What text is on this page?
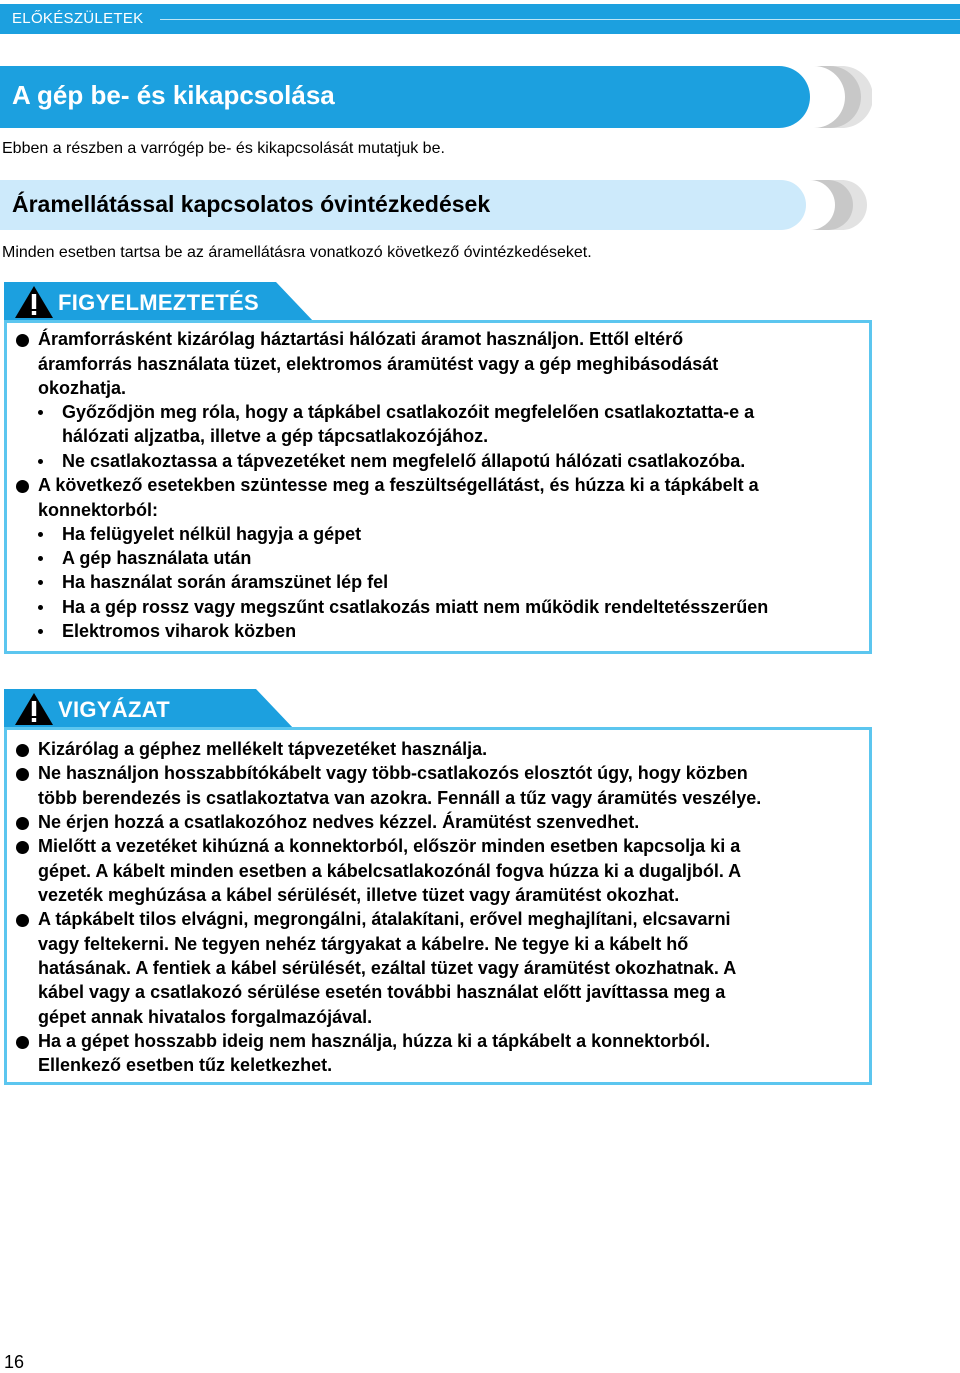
ELŐKÉSZÜLETEK
A gép be- és kikapcsolása
Ebben a részben a varrógép be- és kikapcsolását mutatjuk be.
Áramellátással kapcsolatos óvintézkedések
Minden esetben tartsa be az áramellátásra vonatkozó következő óvintézkedéseket.
FIGYELMEZTETÉS
Áramforrásként kizárólag háztartási hálózati áramot használjon. Ettől eltérő
áramforrás használata tüzet, elektromos áramütést vagy a gép meghibásodását
okozhatja.
Győződjön meg róla, hogy a tápkábel csatlakozóit megfelelően csatlakoztatta-e a
hálózati aljzatba, illetve a gép tápcsatlakozójához.
Ne csatlakoztassa a tápvezetéket nem megfelelő állapotú hálózati csatlakozóba.
A következő esetekben szüntesse meg a feszültségellátást, és húzza ki a tápkábelt a
konnektorból:
Ha felügyelet nélkül hagyja a gépet
A gép használata után
Ha használat során áramszünet lép fel
Ha a gép rossz vagy megszűnt csatlakozás miatt nem működik rendeltetésszerűen
Elektromos viharok közben
VIGYÁZAT
Kizárólag a géphez mellékelt tápvezetéket használja.
Ne használjon hosszabbítókábelt vagy több-csatlakozós elosztót úgy, hogy közben
több berendezés is csatlakoztatva van azokra. Fennáll a tűz vagy áramütés veszélye.
Ne érjen hozzá a csatlakozóhoz nedves kézzel. Áramütést szenvedhet.
Mielőtt a vezetéket kihúzná a konnektorból, először minden esetben kapcsolja ki a
gépet. A kábelt minden esetben a kábelcsatlakozónál fogva húzza ki a dugaljból. A
vezeték meghúzása a kábel sérülését, illetve tüzet vagy áramütést okozhat.
A tápkábelt tilos elvágni, megrongálni, átalakítani, erővel meghajlítani, elcsavarni
vagy feltekerni. Ne tegyen nehéz tárgyakat a kábelre. Ne tegye ki a kábelt hő
hatásának. A fentiek a kábel sérülését, ezáltal tüzet vagy áramütést okozhatnak. A
kábel vagy a csatlakozó sérülése esetén további használat előtt javíttassa meg a
gépet annak hivatalos forgalmazójával.
Ha a gépet hosszabb ideig nem használja, húzza ki a tápkábelt a konnektorból.
Ellenkező esetben tűz keletkezhet.
16
